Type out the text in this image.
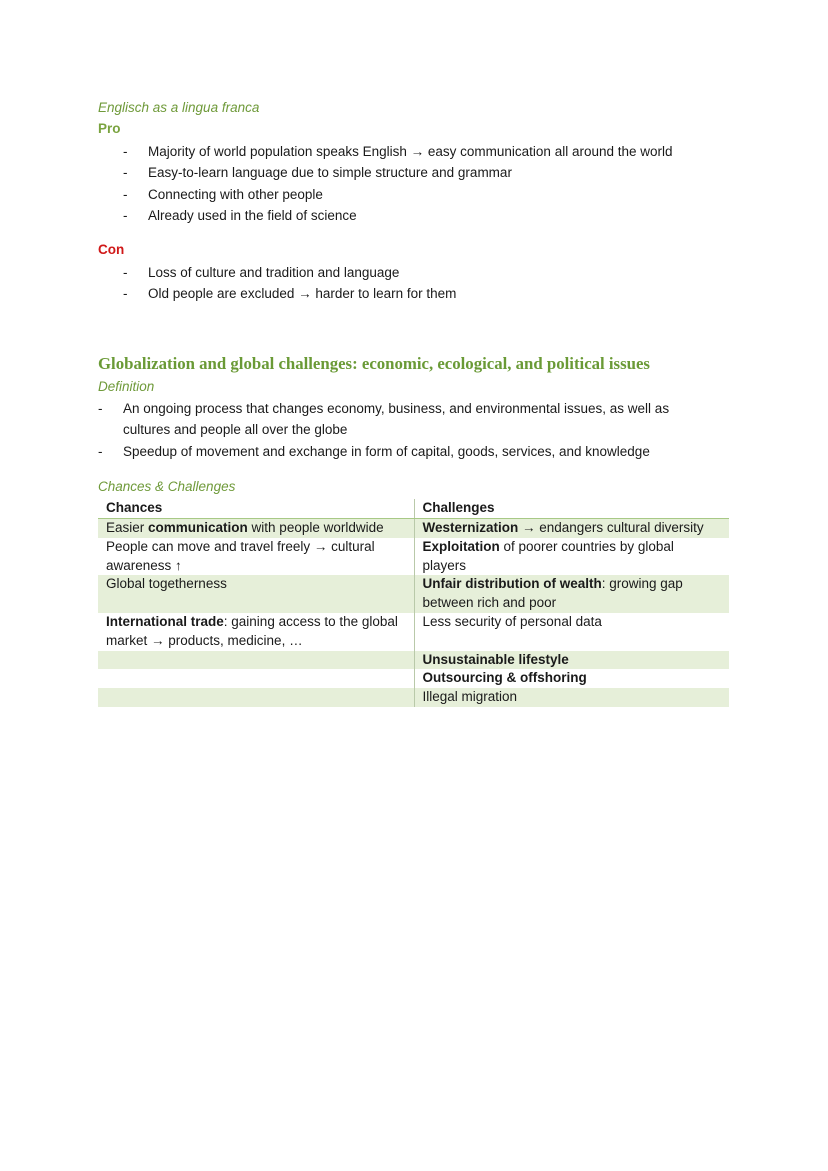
Englisch as a lingua franca
Pro
- Majority of world population speaks English → easy communication all around the world
- Easy-to-learn language due to simple structure and grammar
- Connecting with other people
- Already used in the field of science
Con
- Loss of culture and tradition and language
- Old people are excluded → harder to learn for them
Globalization and global challenges: economic, ecological, and political issues
Definition
- An ongoing process that changes economy, business, and environmental issues, as well as cultures and people all over the globe
- Speedup of movement and exchange in form of capital, goods, services, and knowledge
Chances & Challenges
Chances	Challenges
Easier communication with people worldwide	Westernization → endangers cultural diversity
People can move and travel freely → cultural awareness ↑	Exploitation of poorer countries by global players
Global togetherness	Unfair distribution of wealth: growing gap between rich and poor
International trade: gaining access to the global market → products, medicine, …	Less security of personal data
	Unsustainable lifestyle
	Outsourcing & offshoring
	Illegal migration
